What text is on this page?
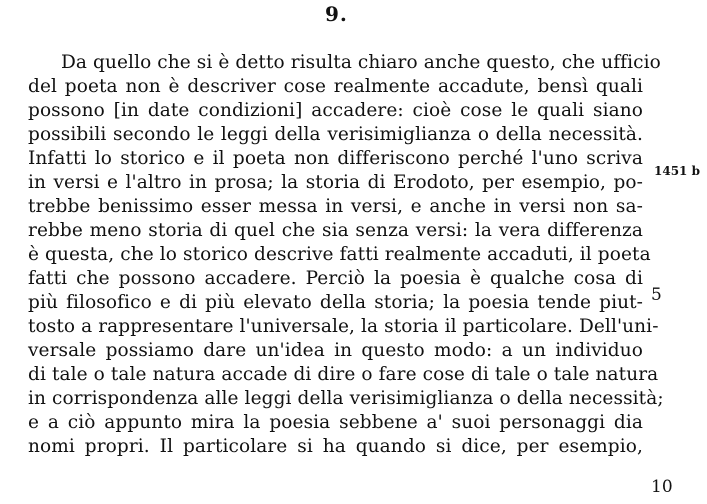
9.
Da quello che si è detto risulta chiaro anche questo, che ufficio
del poeta non è descriver cose realmente accadute, bensì quali
possono [in date condizioni] accadere: cioè cose le quali siano
possibili secondo le leggi della verisimiglianza o della necessità.
Infatti lo storico e il poeta non differiscono perché l'uno scriva
in versi e l'altro in prosa; la storia di Erodoto, per esempio, po-
trebbe benissimo esser messa in versi, e anche in versi non sa-
rebbe meno storia di quel che sia senza versi: la vera differenza
è questa, che lo storico descrive fatti realmente accaduti, il poeta
fatti che possono accadere. Perciò la poesia è qualche cosa di
più filosofico e di più elevato della storia; la poesia tende piut-
tosto a rappresentare l'universale, la storia il particolare. Dell'uni-
versale possiamo dare un'idea in questo modo: a un individuo
di tale o tale natura accade di dire o fare cose di tale o tale natura
in corrispondenza alle leggi della verisimiglianza o della necessità;
e a ciò appunto mira la poesia sebbene a' suoi personaggi dia
nomi propri. Il particolare si ha quando si dice, per esempio,
1451 b
5
10
